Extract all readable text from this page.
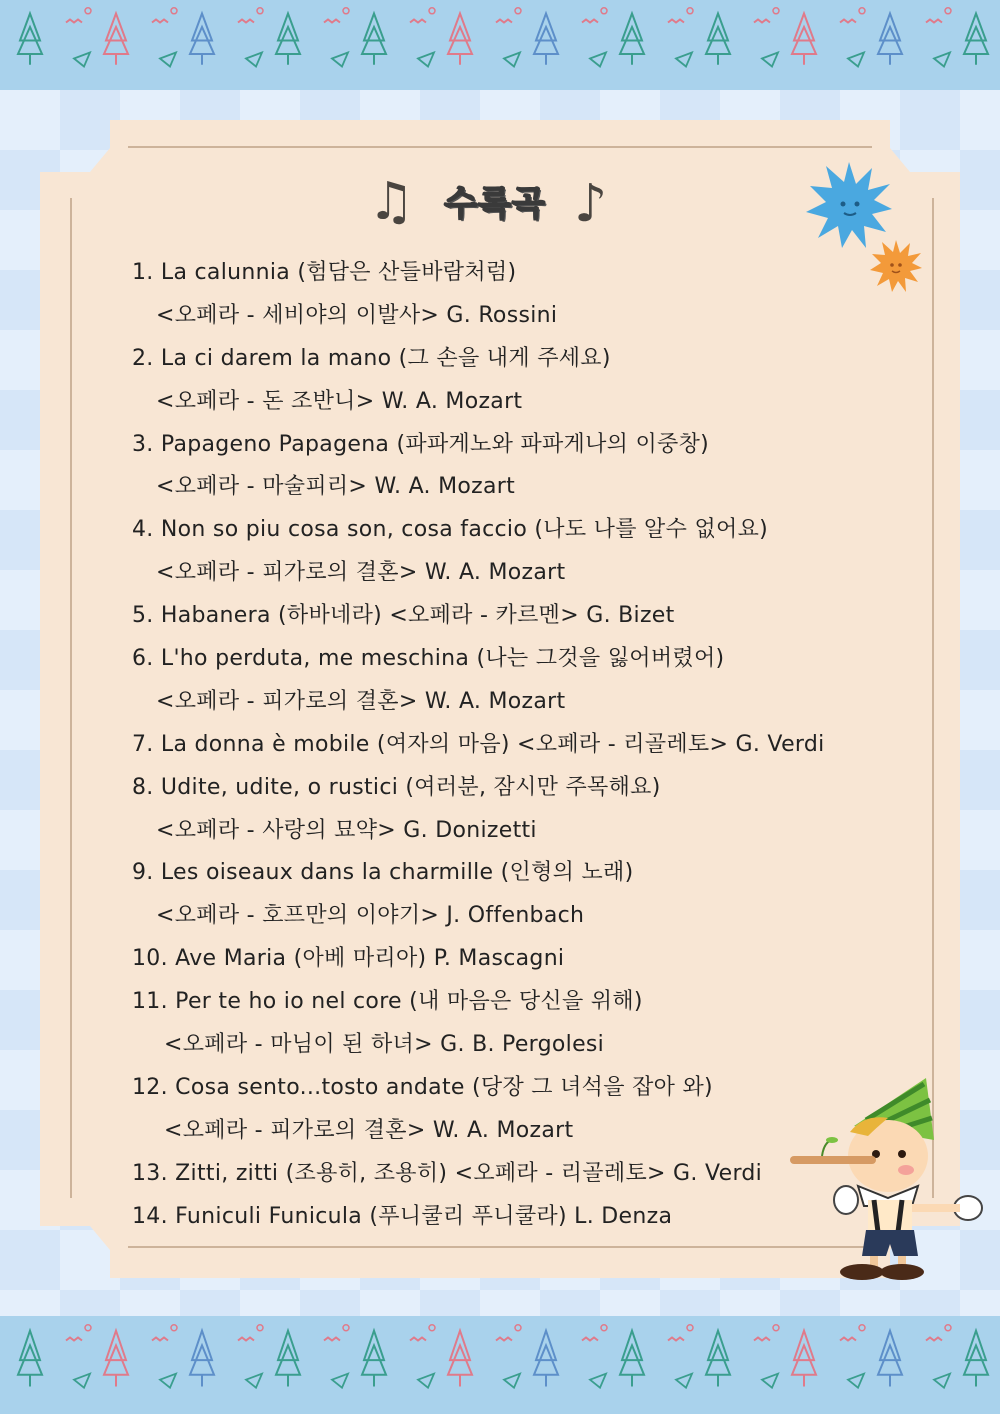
♫ 수록곡 ♪
1. La calunnia (험담은 산들바람처럼)
<오페라 - 세비야의 이발사> G. Rossini
2. La ci darem la mano (그 손을 내게 주세요)
<오페라 - 돈 조반니> W. A. Mozart
3. Papageno Papagena (파파게노와 파파게나의 이중창)
<오페라 - 마술피리> W. A. Mozart
4. Non so piu cosa son, cosa faccio (나도 나를 알수 없어요)
<오페라 - 피가로의 결혼> W. A. Mozart
5. Habanera (하바네라) <오페라 - 카르멘> G. Bizet
6. L'ho perduta, me meschina (나는 그것을 잃어버렸어)
<오페라 - 피가로의 결혼> W. A. Mozart
7. La donna è mobile (여자의 마음) <오페라 - 리골레토> G. Verdi
8. Udite, udite, o rustici (여러분, 잠시만 주목해요)
<오페라 - 사랑의 묘약> G. Donizetti
9. Les oiseaux dans la charmille (인형의 노래)
<오페라 - 호프만의 이야기> J. Offenbach
10. Ave Maria (아베 마리아) P. Mascagni
11. Per te ho io nel core (내 마음은 당신을 위해)
<오페라 - 마님이 된 하녀> G. B. Pergolesi
12. Cosa sento...tosto andate (당장 그 녀석을 잡아 와)
<오페라 - 피가로의 결혼> W. A. Mozart
13. Zitti, zitti (조용히, 조용히) <오페라 - 리골레토> G. Verdi
14. Funiculi Funicula (푸니쿨리 푸니쿨라) L. Denza
